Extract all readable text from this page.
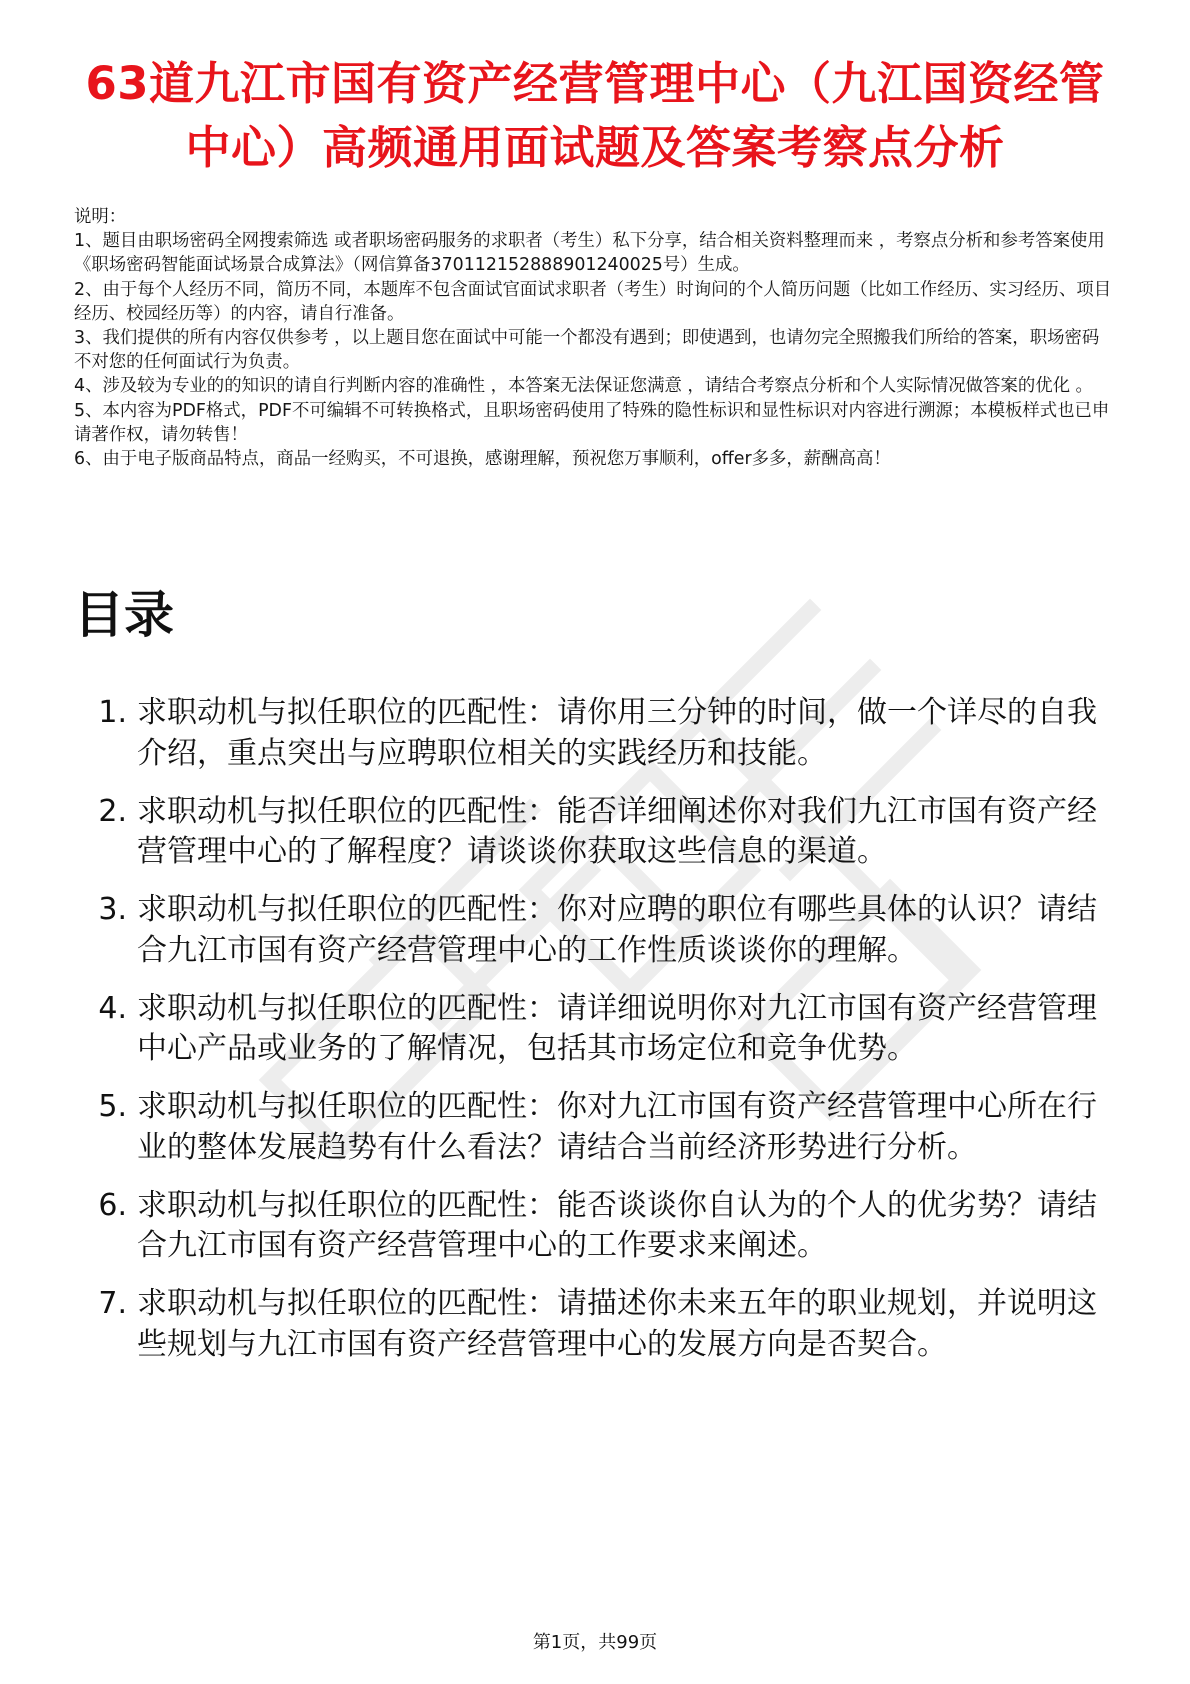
63道九江市国有资产经营管理中心（九江国资经管中心）高频通用面试题及答案考察点分析

说明：

1、题目由职场密码全网搜索筛选 或者职场密码服务的求职者（考生）私下分享，结合相关资料整理而来 ，考察点分析和参考答案使用《职场密码智能面试场景合成算法》（网信算备370112152888901240025号）生成。

2、由于每个人经历不同，简历不同，本题库不包含面试官面试求职者（考生）时询问的个人简历问题（比如工作经历、实习经历、项目经历、校园经历等）的内容，请自行准备。

3、我们提供的所有内容仅供参考 ，以上题目您在面试中可能一个都没有遇到；即使遇到，也请勿完全照搬我们所给的答案，职场密码不对您的任何面试行为负责。

4、涉及较为专业的的知识的请自行判断内容的准确性 ，本答案无法保证您满意 ，请结合考察点分析和个人实际情况做答案的优化 。

5、本内容为PDF格式，PDF不可编辑不可转换格式，且职场密码使用了特殊的隐性标识和显性标识对内容进行溯源；本模板样式也已申请著作权，请勿转售！

6、由于电子版商品特点，商品一经购买，不可退换，感谢理解，预祝您万事顺利，offer多多，薪酬高高！

目录
1. 求职动机与拟任职位的匹配性：请你用三分钟的时间，做一个详尽的自我介绍，重点突出与应聘职位相关的实践经历和技能。
2. 求职动机与拟任职位的匹配性：能否详细阐述你对我们九江市国有资产经营管理中心的了解程度？请谈谈你获取这些信息的渠道。
3. 求职动机与拟任职位的匹配性：你对应聘的职位有哪些具体的认识？请结合九江市国有资产经营管理中心的工作性质谈谈你的理解。
4. 求职动机与拟任职位的匹配性：请详细说明你对九江市国有资产经营管理中心产品或业务的了解情况，包括其市场定位和竞争优势。
5. 求职动机与拟任职位的匹配性：你对九江市国有资产经营管理中心所在行业的整体发展趋势有什么看法？请结合当前经济形势进行分析。
6. 求职动机与拟任职位的匹配性：能否谈谈你自认为的个人的优劣势？请结合九江市国有资产经营管理中心的工作要求来阐述。
7. 求职动机与拟任职位的匹配性：请描述你未来五年的职业规划，并说明这些规划与九江市国有资产经营管理中心的发展方向是否契合。
第1页，共99页
